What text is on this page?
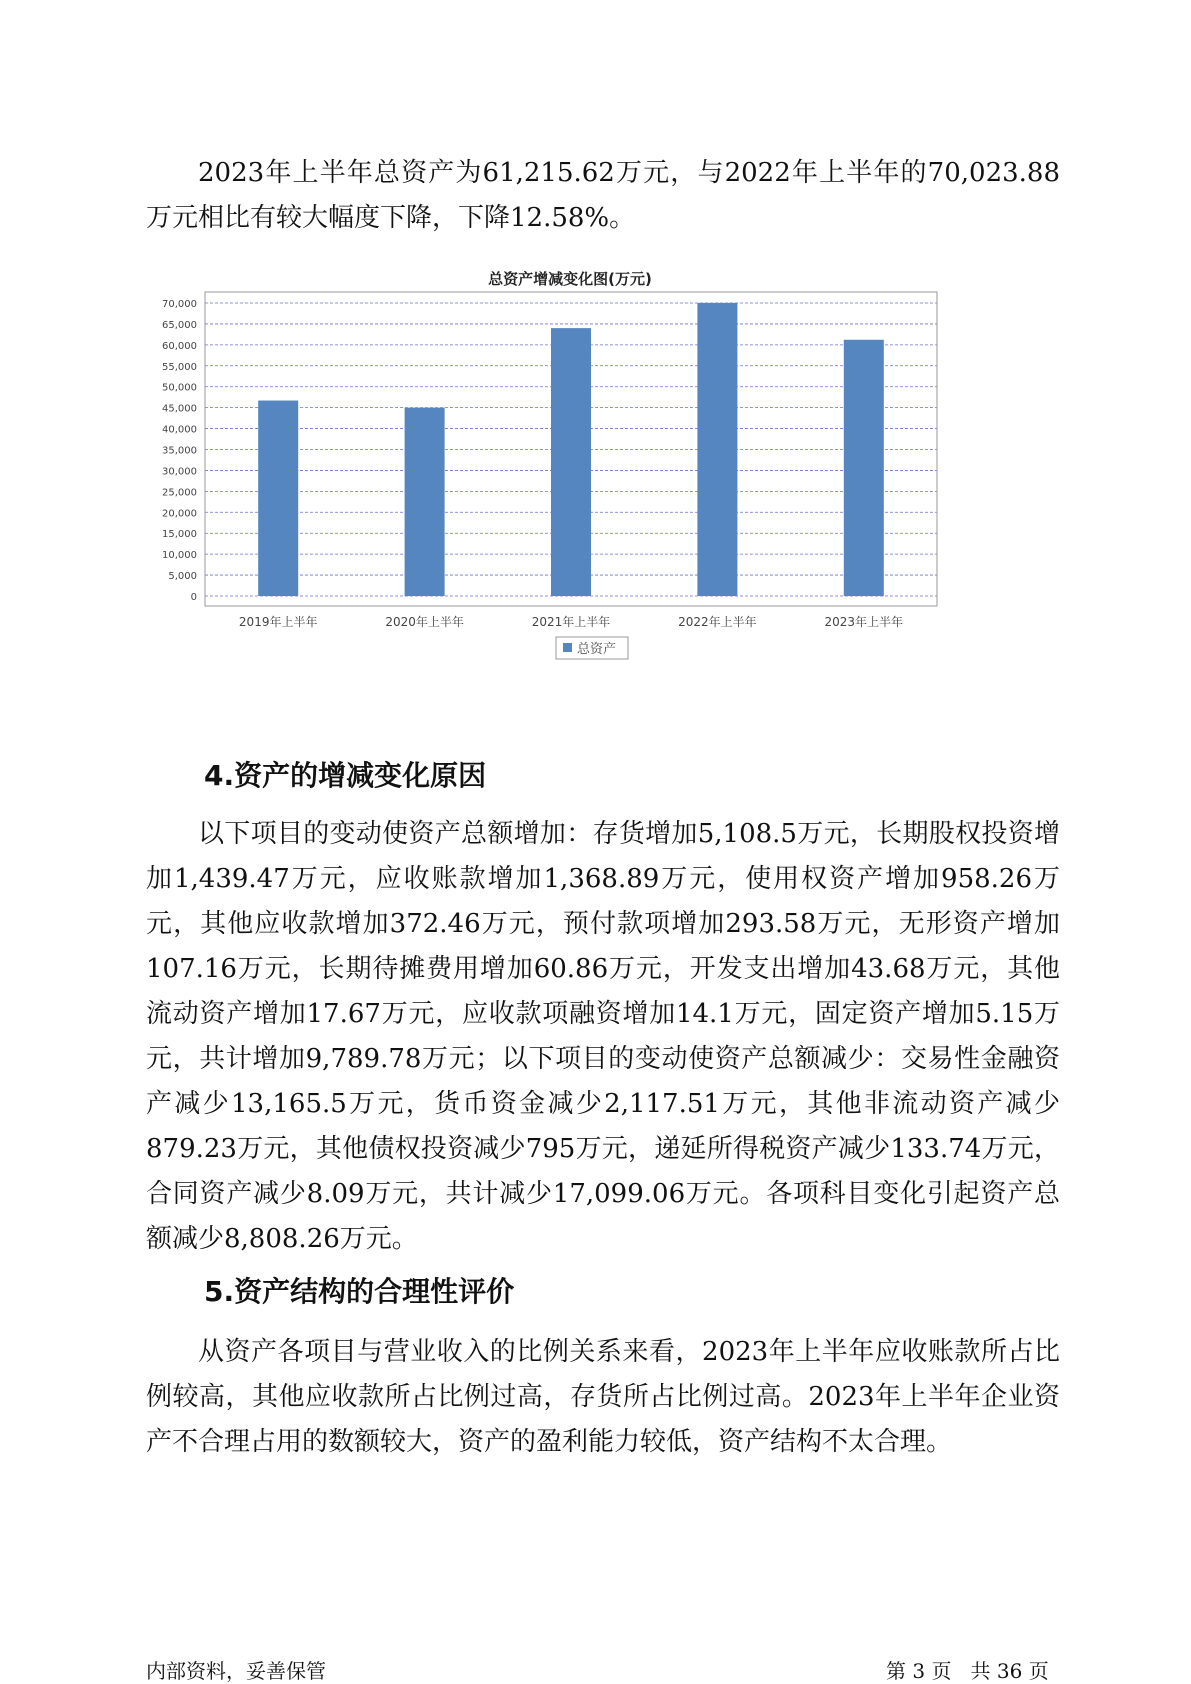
2023年上半年总资产为61,215.62万元，与2022年上半年的70,023.88万元相比有较大幅度下降，下降12.58%。

总资产增减变化图(万元)
0
5,000
10,000
15,000
20,000
25,000
30,000
35,000
40,000
45,000
50,000
55,000
60,000
65,000
70,000
2019年上半年	2020年上半年	2021年上半年	2022年上半年	2023年上半年
总资产
4.资产的增减变化原因

以下项目的变动使资产总额增加：存货增加5,108.5万元，长期股权投资增加1,439.47万元，应收账款增加1,368.89万元，使用权资产增加958.26万元，其他应收款增加372.46万元，预付款项增加293.58万元，无形资产增加107.16万元，长期待摊费用增加60.86万元，开发支出增加43.68万元，其他流动资产增加17.67万元，应收款项融资增加14.1万元，固定资产增加5.15万元，共计增加9,789.78万元；以下项目的变动使资产总额减少：交易性金融资产减少13,165.5万元，货币资金减少2,117.51万元，其他非流动资产减少879.23万元，其他债权投资减少795万元，递延所得税资产减少133.74万元，合同资产减少8.09万元，共计减少17,099.06万元。各项科目变化引起资产总额减少8,808.26万元。

5.资产结构的合理性评价

从资产各项目与营业收入的比例关系来看，2023年上半年应收账款所占比例较高，其他应收款所占比例过高，存货所占比例过高。2023年上半年企业资产不合理占用的数额较大，资产的盈利能力较低，资产结构不太合理。

内部资料，妥善保管	第 3 页 共 36 页
